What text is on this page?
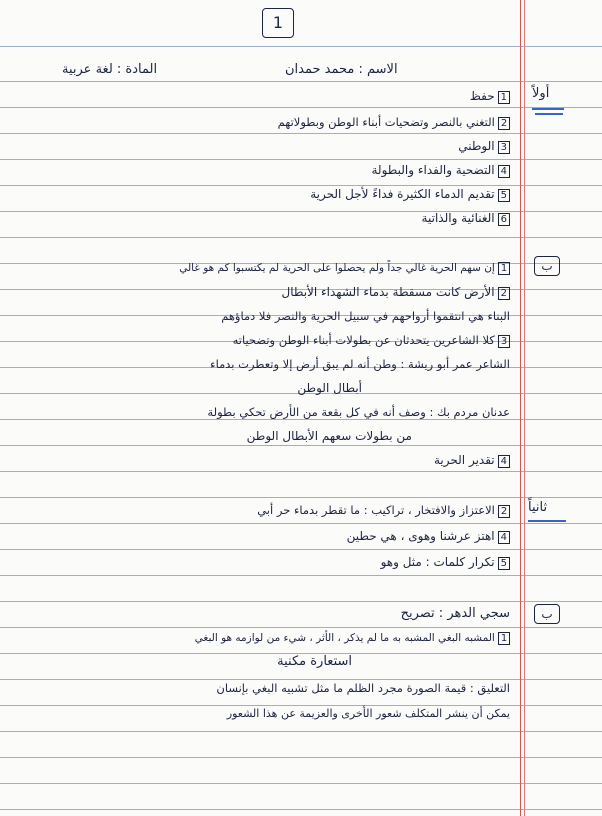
1
الاسم : محمد حمدان
المادة : لغة عربية
أولاً
1حفظ
2التغني بالنصر وتضحيات أبناء الوطن وبطولاتهم
3الوطني
4التضحية والفداء والبطولة
5تقديم الدماء الكثيرة فداءً لأجل الحرية
6الغنائية والذاتية
ب
1إن سهم الحرية غالي جداً ولم يحصلوا على الحرية لم يكتسبوا كم هو غالي
2الأرض كانت مسقطة بدماء الشهداء الأبطال
البناء هي انتقموا أرواحهم في سبيل الحرية والنصر فلا دماؤهم
3كلا الشاعرين يتحدثان عن بطولات أبناء الوطن وتضحياته
الشاعر عمر أبو ريشة : وطن أنه لم يبق أرض إلا وتعطرت بدماء
أبطال الوطن
عدنان مردم بك : وصف أنه في كل بقعة من الأرض تحكي بطولة
من بطولات سعهم الأبطال الوطن
4تقدير الحرية
ثانياً
2الاعتزاز والافتخار ، تراكيب : ما تقطر بدماء حر أبي
4اهتز عرشنا وهوى ، هي حطين
5تكرار كلمات : مثل وهو
ب
سجي الدهر : تصريح
1المشبه البغي المشبه به ما لم يذكر ، الأثر ، شيء من لوازمه هو البغي
استعارة مكنية
التعليق : قيمة الصورة مجرد الظلم ما مثل تشبيه البغي بإنسان
يمكن أن ينشر المتكلف شعور الأخرى والعزيمة عن هذا الشعور
